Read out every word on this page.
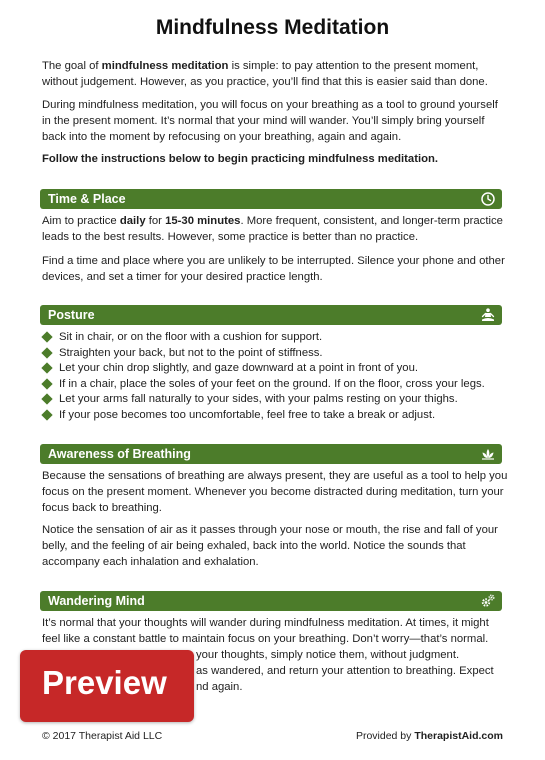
Mindfulness Meditation

The goal of mindfulness meditation is simple: to pay attention to the present moment, without judgement. However, as you practice, you’ll find that this is easier said than done.

During mindfulness meditation, you will focus on your breathing as a tool to ground yourself in the present moment. It’s normal that your mind will wander. You’ll simply bring yourself back into the moment by refocusing on your breathing, again and again.

Follow the instructions below to begin practicing mindfulness meditation.

Time & Place

Aim to practice daily for 15-30 minutes. More frequent, consistent, and longer-term practice leads to the best results. However, some practice is better than no practice.

Find a time and place where you are unlikely to be interrupted. Silence your phone and other devices, and set a timer for your desired practice length.

Posture
Sit in chair, or on the floor with a cushion for support.
Straighten your back, but not to the point of stiffness.
Let your chin drop slightly, and gaze downward at a point in front of you.
If in a chair, place the soles of your feet on the ground. If on the floor, cross your legs.
Let your arms fall naturally to your sides, with your palms resting on your thighs.
If your pose becomes too uncomfortable, feel free to take a break or adjust.
Awareness of Breathing

Because the sensations of breathing are always present, they are useful as a tool to help you focus on the present moment. Whenever you become distracted during meditation, turn your focus back to breathing.

Notice the sensation of air as it passes through your nose or mouth, the rise and fall of your belly, and the feeling of air being exhaled, back into the world. Notice the sounds that accompany each inhalation and exhalation.

Wandering Mind

It’s normal that your thoughts will wander during mindfulness meditation. At times, it might feel like a constant battle to maintain focus on your breathing. Don’t worry—that’s normal.

your thoughts, simply notice them, without judgment.
as wandered, and return your attention to breathing. Expect
nd again.
Preview
© 2017 Therapist Aid LLC	Provided by TherapistAid.com
